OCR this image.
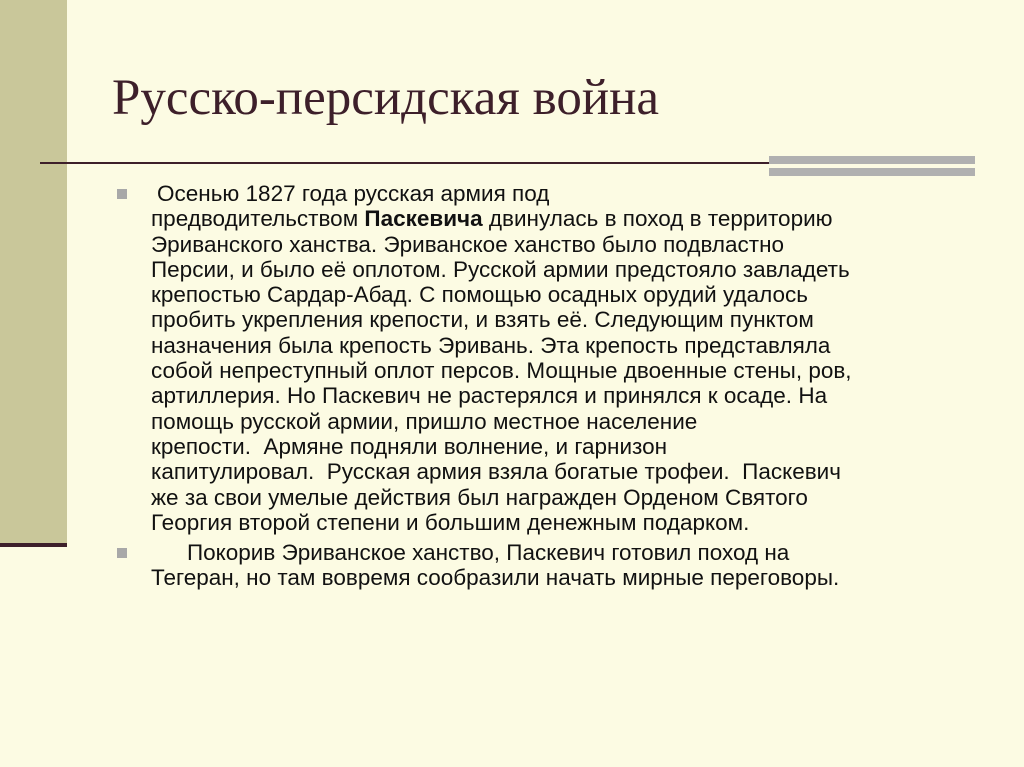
Русско-персидская война
Осенью 1827 года русская армия под
предводительством Паскевича двинулась в поход в территорию
Эриванского ханства. Эриванское ханство было подвластно
Персии, и было её оплотом. Русской армии предстояло завладеть
крепостью Сардар-Абад. С помощью осадных орудий удалось
пробить укрепления крепости, и взять её. Следующим пунктом
назначения была крепость Эривань. Эта крепость представляла
собой непреступный оплот персов. Мощные двоенные стены, ров,
артиллерия. Но Паскевич не растерялся и принялся к осаде. На
помощь русской армии, пришло местное население
крепости.  Армяне подняли волнение, и гарнизон
капитулировал.  Русская армия взяла богатые трофеи.  Паскевич
же за свои умелые действия был награжден Орденом Святого
Георгия второй степени и большим денежным подарком.
Покорив Эриванское ханство, Паскевич готовил поход на
Тегеран, но там вовремя сообразили начать мирные переговоры.
